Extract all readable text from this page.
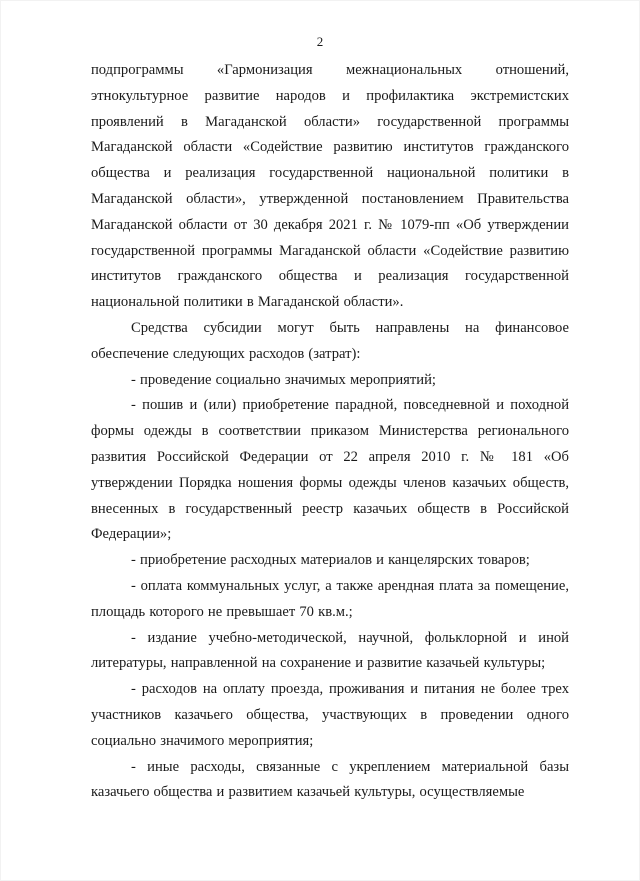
2

подпрограммы «Гармонизация межнациональных отношений, этнокультурное развитие народов и профилактика экстремистских проявлений в Магаданской области» государственной программы Магаданской области «Содействие развитию институтов гражданского общества и реализация государственной национальной политики в Магаданской области», утвержденной постановлением Правительства Магаданской области от 30 декабря 2021 г. № 1079-пп «Об утверждении государственной программы Магаданской области «Содействие развитию институтов гражданского общества и реализация государственной национальной политики в Магаданской области».

Средства субсидии могут быть направлены на финансовое обеспечение следующих расходов (затрат):

- проведение социально значимых мероприятий;

- пошив и (или) приобретение парадной, повседневной и походной формы одежды в соответствии приказом Министерства регионального развития Российской Федерации от 22 апреля 2010 г. № 181 «Об утверждении Порядка ношения формы одежды членов казачьих обществ, внесенных в государственный реестр казачьих обществ в Российской Федерации»;

- приобретение расходных материалов и канцелярских товаров;

- оплата коммунальных услуг, а также арендная плата за помещение, площадь которого не превышает 70 кв.м.;

- издание учебно-методической, научной, фольклорной и иной литературы, направленной на сохранение и развитие казачьей культуры;

- расходов на оплату проезда, проживания и питания не более трех участников казачьего общества, участвующих в проведении одного социально значимого мероприятия;

- иные расходы, связанные с укреплением материальной базы казачьего общества и развитием казачьей культуры, осуществляемые
